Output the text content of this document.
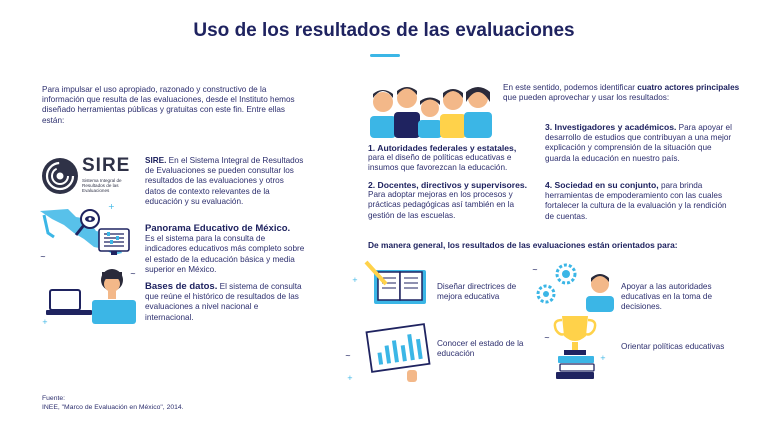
Uso de los resultados de las evaluaciones
Para impulsar el uso apropiado, razonado y constructivo de la información que resulta de las evaluaciones, desde el Instituto hemos diseñado herramientas públicas y gratuitas con este fin. Entre ellas están:
SIRE
Sistema Integral de Resultados de las Evaluaciones
SIRE. En el Sistema Integral de Resultados de Evaluaciones se pueden consultar los resultados de las evaluaciones y otros datos de contexto relevantes de la educación y su evaluación.
+
~
Panorama Educativo de México.
Es el sistema para la consulta de indicadores educativos más completo sobre el estado de la educación básica y media superior en México.
+
~
Bases de datos. El sistema de consulta que reúne el histórico de resultados de las evaluaciones a nivel nacional e internacional.
Fuente:
INEE, "Marco de Evaluación en México", 2014.
En este sentido, podemos identificar cuatro actores principales que pueden aprovechar y usar los resultados:
1. Autoridades federales y estatales,
para el diseño de políticas educativas e insumos que favorezcan la educación.
2. Docentes, directivos y supervisores.
Para adoptar mejoras en los procesos y prácticas pedagógicas así también en la gestión de las escuelas.
3. Investigadores y académicos. Para apoyar el desarrollo de estudios que contribuyan a una mejor explicación y comprensión de la situación que guarda la educación en nuestro país.
4. Sociedad en su conjunto, para brinda herramientas de empoderamiento con las cuales fortalecer la cultura de la evaluación y la rendición de cuentas.
De manera general, los resultados de las evaluaciones están orientados para:
+
Diseñar directrices de mejora educativa
~
+
Conocer el estado de la educación
~
Apoyar a las autoridades educativas en la toma de decisiones.
+
~
Orientar políticas educativas
